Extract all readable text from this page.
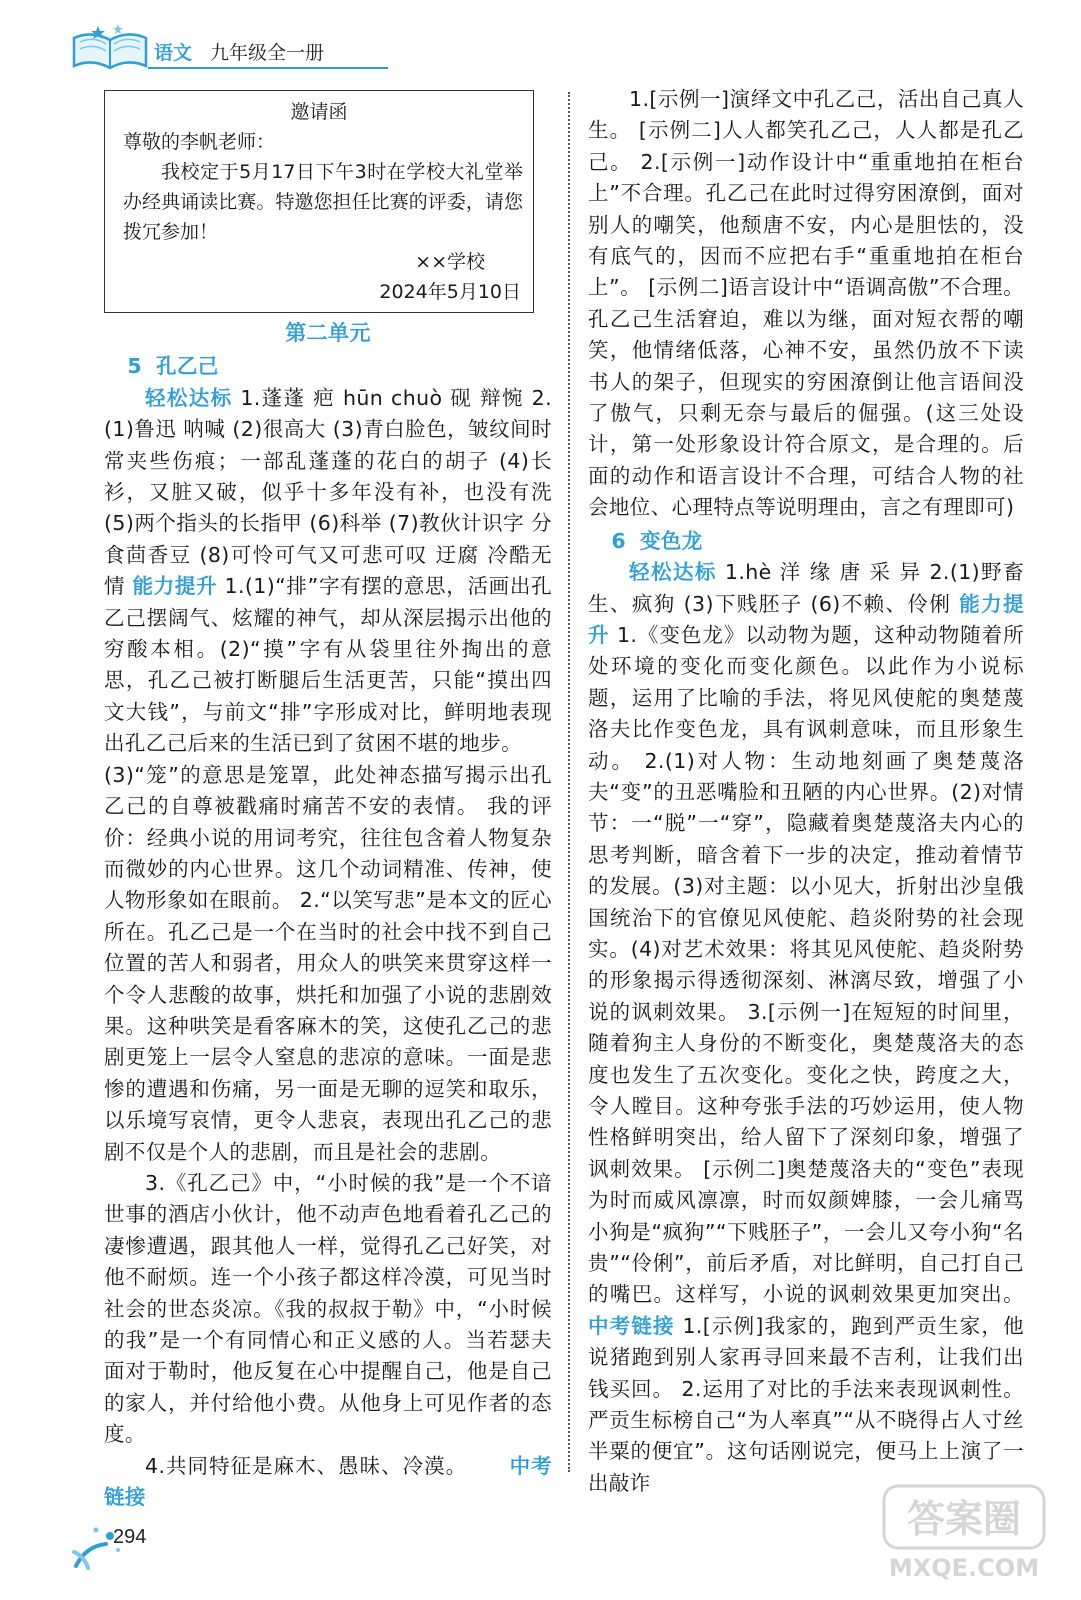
语文 九年级全一册
邀请函
尊敬的李帆老师：
我校定于5月17日下午3时在学校大礼堂举办经典诵读比赛。特邀您担任比赛的评委，请您拨冗参加！
××学校
2024年5月10日

第二单元

5 孔乙己

轻松达标 1.蓬蓬 疤 hūn chuò 砚 辩惋 2.(1)鲁迅 呐喊 (2)很高大 (3)青白脸色，皱纹间时常夹些伤痕；一部乱蓬蓬的花白的胡子 (4)长衫，又脏又破，似乎十多年没有补，也没有洗 (5)两个指头的长指甲 (6)科举 (7)教伙计识字 分食茴香豆 (8)可怜可气又可悲可叹 迂腐 冷酷无情 能力提升 1.(1)“排”字有摆的意思，活画出孔乙己摆阔气、炫耀的神气，却从深层揭示出他的穷酸本相。(2)“摸”字有从袋里往外掏出的意思，孔乙己被打断腿后生活更苦，只能“摸出四文大钱”，与前文“排”字形成对比，鲜明地表现出孔乙己后来的生活已到了贫困不堪的地步。

(3)“笼”的意思是笼罩，此处神态描写揭示出孔乙己的自尊被戳痛时痛苦不安的表情。 我的评价：经典小说的用词考究，往往包含着人物复杂而微妙的内心世界。这几个动词精准、传神，使人物形象如在眼前。 2.“以笑写悲”是本文的匠心所在。孔乙己是一个在当时的社会中找不到自己位置的苦人和弱者，用众人的哄笑来贯穿这样一个令人悲酸的故事，烘托和加强了小说的悲剧效果。这种哄笑是看客麻木的笑，这使孔乙己的悲剧更笼上一层令人窒息的悲凉的意味。一面是悲惨的遭遇和伤痛，另一面是无聊的逗笑和取乐，以乐境写哀情，更令人悲哀，表现出孔乙己的悲剧不仅是个人的悲剧，而且是社会的悲剧。

3.《孔乙己》中，“小时候的我”是一个不谙世事的酒店小伙计，他不动声色地看着孔乙己的凄惨遭遇，跟其他人一样，觉得孔乙己好笑，对他不耐烦。连一个小孩子都这样冷漠，可见当时社会的世态炎凉。《我的叔叔于勒》中，“小时候的我”是一个有同情心和正义感的人。当若瑟夫面对于勒时，他反复在心中提醒自己，他是自己的家人，并付给他小费。从他身上可见作者的态度。

4.共同特征是麻木、愚昧、冷漠。   中考链接

1.[示例一]演绎文中孔乙己，活出自己真人生。 [示例二]人人都笑孔乙己，人人都是孔乙己。 2.[示例一]动作设计中“重重地拍在柜台上”不合理。孔乙己在此时过得穷困潦倒，面对别人的嘲笑，他颓唐不安，内心是胆怯的，没有底气的，因而不应把右手“重重地拍在柜台上”。 [示例二]语言设计中“语调高傲”不合理。孔乙己生活窘迫，难以为继，面对短衣帮的嘲笑，他情绪低落，心神不安，虽然仍放不下读书人的架子，但现实的穷困潦倒让他言语间没了傲气，只剩无奈与最后的倔强。(这三处设计，第一处形象设计符合原文，是合理的。后面的动作和语言设计不合理，可结合人物的社会地位、心理特点等说明理由，言之有理即可)

6 变色龙

轻松达标 1.hè 洋 缘 唐 采 异 2.(1)野畜生、疯狗 (3)下贱胚子 (6)不赖、伶俐 能力提升 1.《变色龙》以动物为题，这种动物随着所处环境的变化而变化颜色。以此作为小说标题，运用了比喻的手法，将见风使舵的奥楚蔑洛夫比作变色龙，具有讽刺意味，而且形象生动。 2.(1)对人物：生动地刻画了奥楚蔑洛夫“变”的丑恶嘴脸和丑陋的内心世界。(2)对情节：一“脱”一“穿”，隐藏着奥楚蔑洛夫内心的思考判断，暗含着下一步的决定，推动着情节的发展。(3)对主题：以小见大，折射出沙皇俄国统治下的官僚见风使舵、趋炎附势的社会现实。(4)对艺术效果：将其见风使舵、趋炎附势的形象揭示得透彻深刻、淋漓尽致，增强了小说的讽刺效果。 3.[示例一]在短短的时间里，随着狗主人身份的不断变化，奥楚蔑洛夫的态度也发生了五次变化。变化之快，跨度之大，令人瞠目。这种夸张手法的巧妙运用，使人物性格鲜明突出，给人留下了深刻印象，增强了讽刺效果。 [示例二]奥楚蔑洛夫的“变色”表现为时而威风凛凛，时而奴颜婢膝，一会儿痛骂小狗是“疯狗”“下贱胚子”，一会儿又夸小狗“名贵”“伶俐”，前后矛盾，对比鲜明，自己打自己的嘴巴。这样写，小说的讽刺效果更加突出。 中考链接 1.[示例]我家的，跑到严贡生家，他说猪跑到别人家再寻回来最不吉利，让我们出钱买回。 2.运用了对比的手法来表现讽刺性。严贡生标榜自己“为人率真”“从不晓得占人寸丝半粟的便宜”。这句话刚说完，便马上上演了一出敲诈

294	答案圈
MXQE.COM
